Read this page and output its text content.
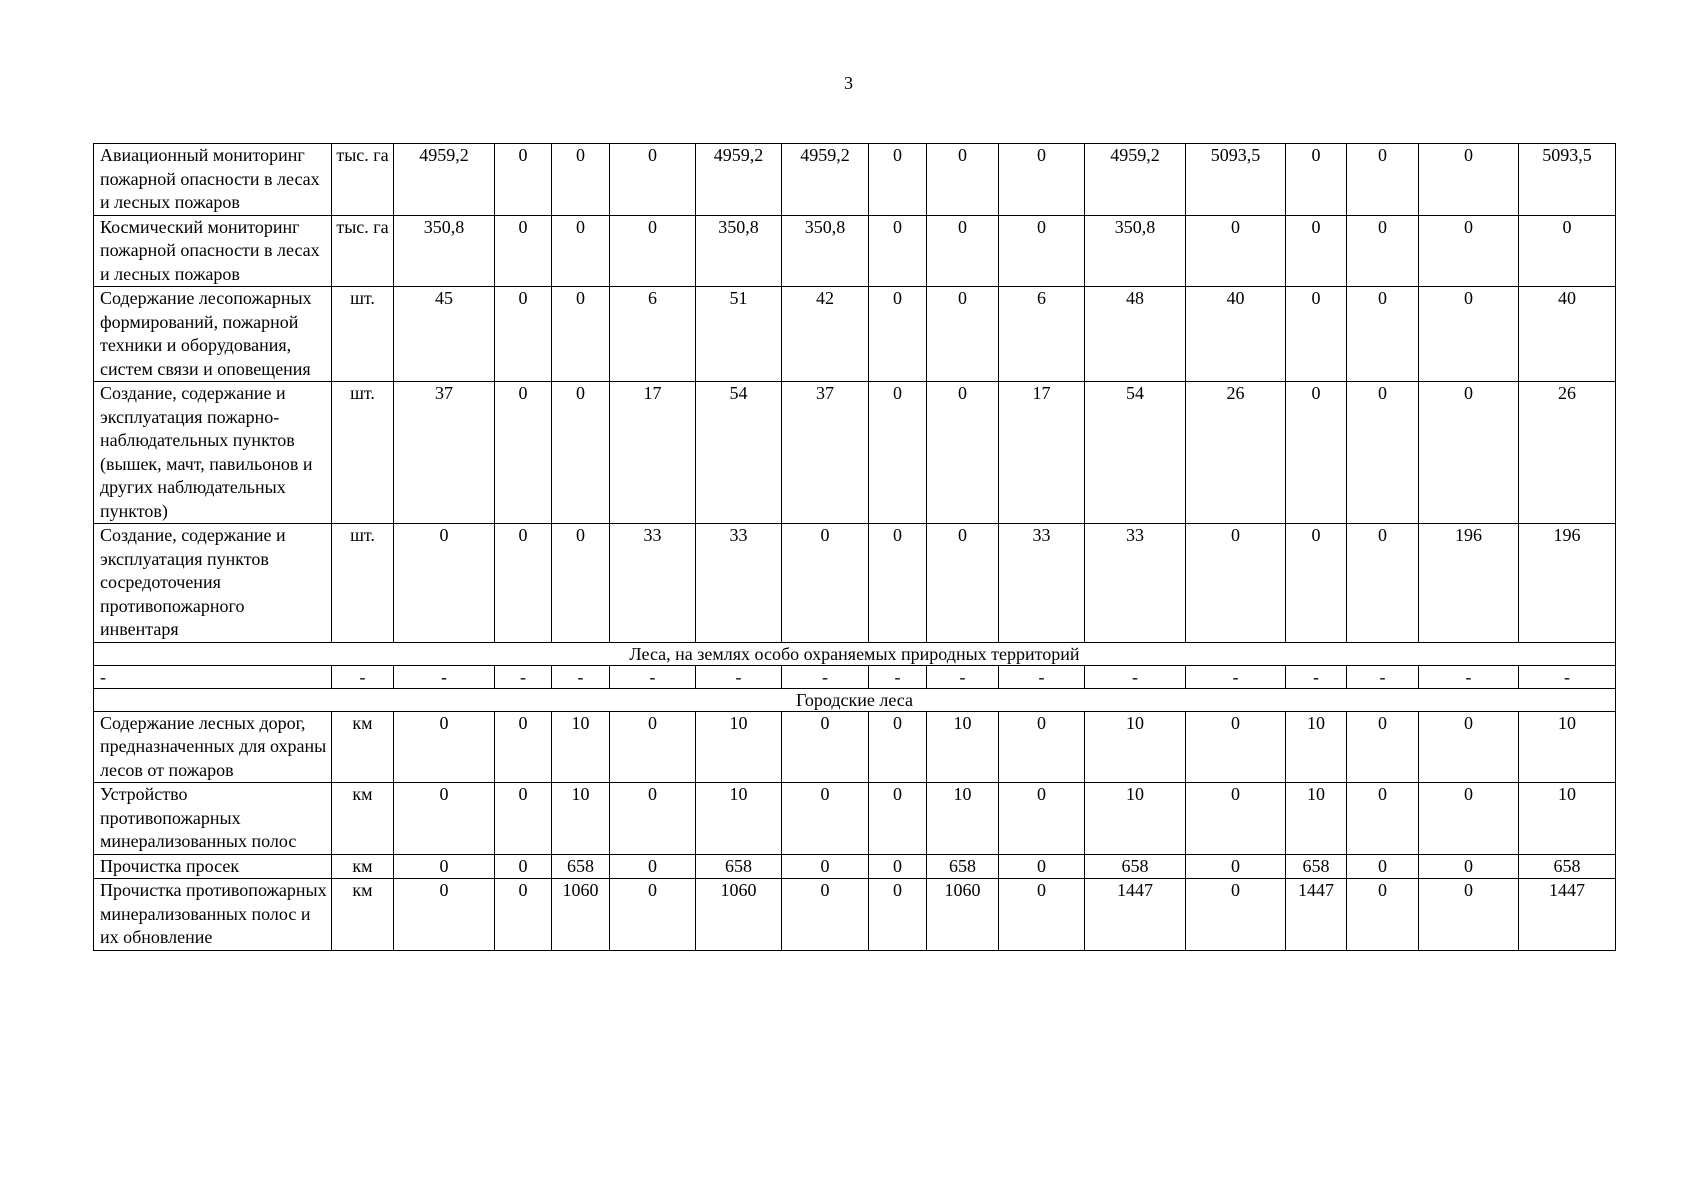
3
Авиационный мониторинг пожарной опасности в лесах и лесных пожаров	тыс. га	4959,2	0	0	0	4959,2	4959,2	0	0	0	4959,2	5093,5	0	0	0	5093,5
Космический мониторинг пожарной опасности в лесах и лесных пожаров	тыс. га	350,8	0	0	0	350,8	350,8	0	0	0	350,8	0	0	0	0	0
Содержание лесопожарных формирований, пожарной техники и оборудования, систем связи и оповещения	шт.	45	0	0	6	51	42	0	0	6	48	40	0	0	0	40
Создание, содержание и эксплуатация пожарно-наблюдательных пунктов (вышек, мачт, павильонов и других наблюдательных пунктов)	шт.	37	0	0	17	54	37	0	0	17	54	26	0	0	0	26
Создание, содержание и эксплуатация пунктов сосредоточения противопожарного инвентаря	шт.	0	0	0	33	33	0	0	0	33	33	0	0	0	196	196
Леса, на землях особо охраняемых природных территорий																
-	-	-	-	-	-	-	-	-	-	-	-	-	-	-	-	-
Городские леса																
Содержание лесных дорог, предназначенных для охраны лесов от пожаров	км	0	0	10	0	10	0	0	10	0	10	0	10	0	0	10
Устройство противопожарных минерализованных полос	км	0	0	10	0	10	0	0	10	0	10	0	10	0	0	10
Прочистка просек	км	0	0	658	0	658	0	0	658	0	658	0	658	0	0	658
Прочистка противопожарных минерализованных полос и их обновление	км	0	0	1060	0	1060	0	0	1060	0	1447	0	1447	0	0	1447
